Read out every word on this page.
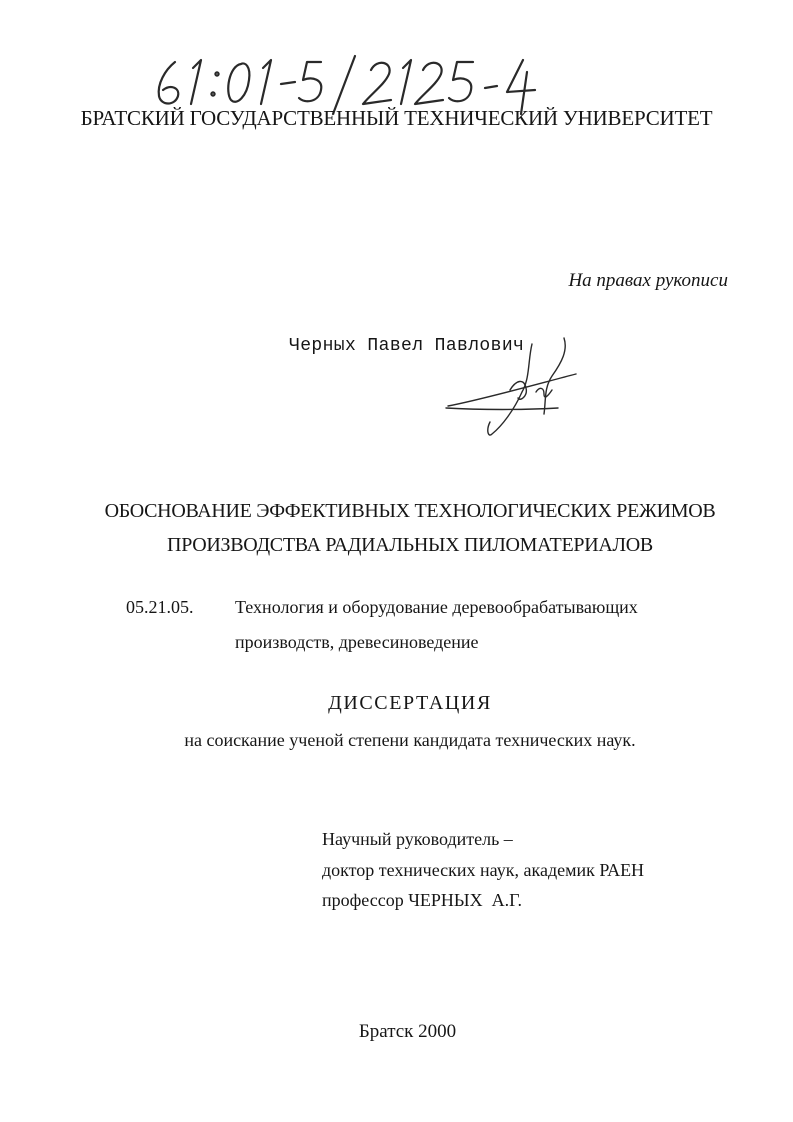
БРАТСКИЙ ГОСУДАРСТВЕННЫЙ ТЕХНИЧЕСКИЙ УНИВЕРСИТЕТ
На правах рукописи
Черных Павел Павлович
ОБОСНОВАНИЕ ЭФФЕКТИВНЫХ ТЕХНОЛОГИЧЕСКИХ РЕЖИМОВ
ПРОИЗВОДСТВА РАДИАЛЬНЫХ ПИЛОМАТЕРИАЛОВ
05.21.05. Технология и оборудование деревообрабатывающих
производств, древесиноведение
ДИССЕРТАЦИЯ
на соискание ученой степени кандидата технических наук.
Научный руководитель –
доктор технических наук, академик РАЕН
профессор ЧЕРНЫХ  А.Г.
Братск 2000
